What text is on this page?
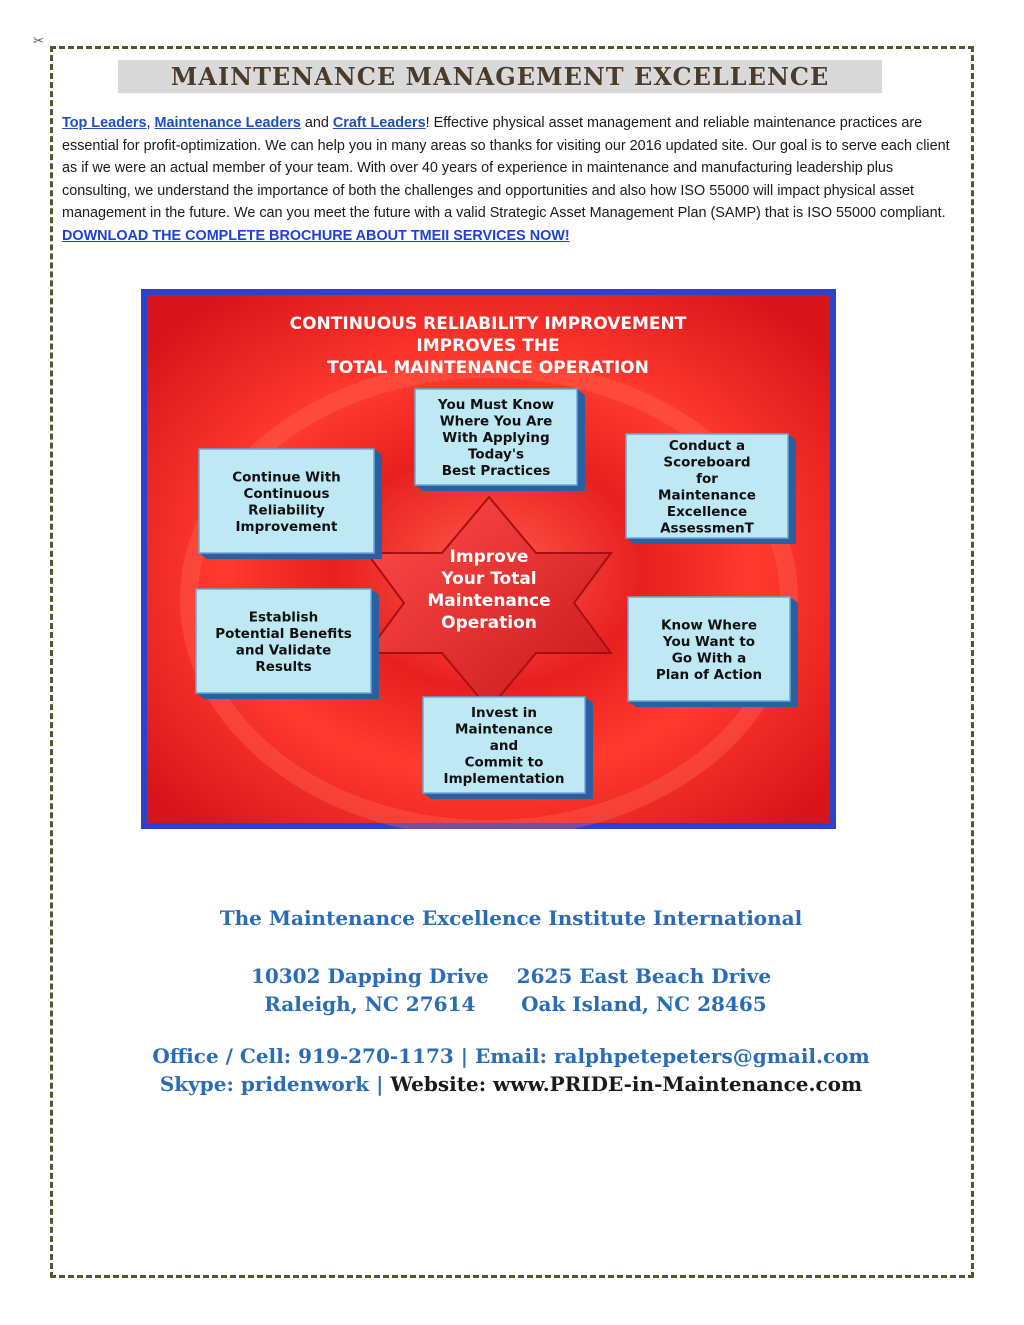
✂
MAINTENANCE MANAGEMENT EXCELLENCE
Top Leaders, Maintenance Leaders and Craft Leaders! Effective physical asset management and reliable maintenance practices are essential for profit-optimization. We can help you in many areas so thanks for visiting our 2016 updated site. Our goal is to serve each client as if we were an actual member of your team. With over 40 years of experience in maintenance and manufacturing leadership plus consulting, we understand the importance of both the challenges and opportunities and also how ISO 55000 will impact physical asset management in the future. We can you meet the future with a valid Strategic Asset Management Plan (SAMP) that is ISO 55000 compliant. DOWNLOAD THE COMPLETE BROCHURE ABOUT TMEII SERVICES NOW!
CONTINUOUS RELIABILITY IMPROVEMENT
IMPROVES THE
TOTAL MAINTENANCE OPERATION
Improve
Your Total
Maintenance
Operation
You Must Know
Where You Are
With Applying
Today's
Best Practices
Conduct a
Scoreboard
for
Maintenance
Excellence
AssessmenT
Know Where
You Want to
Go With a
Plan of Action
Invest in
Maintenance
and
Commit to
Implementation
Establish
Potential Benefits
and Validate
Results
Continue With
Continuous
Reliability
Improvement
The Maintenance Excellence Institute International
10302 Dapping Drive
Raleigh, NC 27614
2625 East Beach Drive
Oak Island, NC 28465
Office / Cell: 919-270-1173 | Email: ralphpetepeters@gmail.com
Skype: pridenwork | Website: www.PRIDE-in-Maintenance.com
